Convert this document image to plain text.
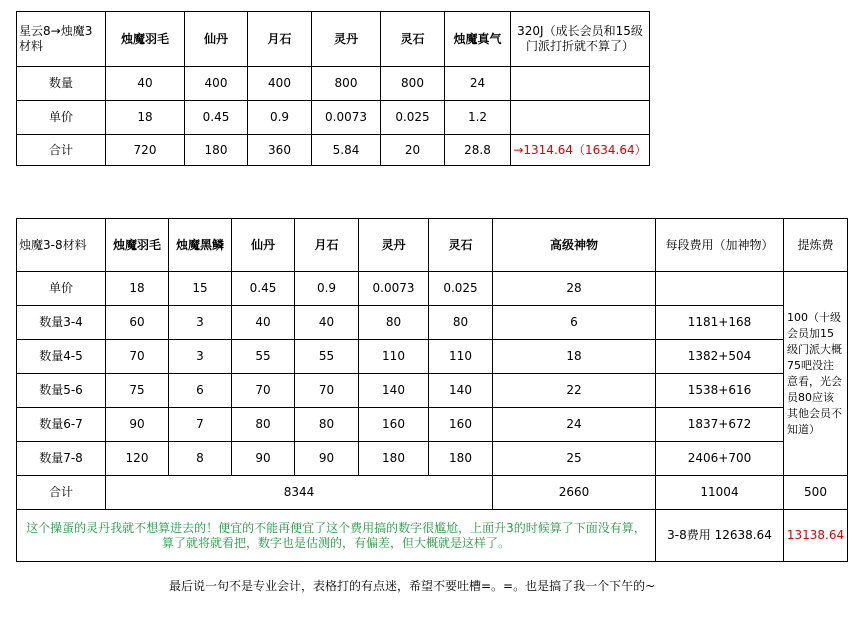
星云8→烛魔3材料	烛魔羽毛	仙丹	月石	灵丹	灵石	烛魔真气	320J（成长会员和15级门派打折就不算了）
数量	40	400	400	800	800	24	
单价	18	0.45	0.9	0.0073	0.025	1.2	
合计	720	180	360	5.84	20	28.8	→1314.64（1634.64）
烛魔3-8材料	烛魔羽毛	烛魔黑鳞	仙丹	月石	灵丹	灵石	高级神物	每段费用（加神物）	提炼费
单价	18	15	0.45	0.9	0.0073	0.025	28		100（十级会员加15级门派大概75吧没注意看，光会员80应该其他会员不知道）
数量3-4	60	3	40	40	80	80	6	1181+168	
数量4-5	70	3	55	55	110	110	18	1382+504	
数量5-6	75	6	70	70	140	140	22	1538+616	
数量6-7	90	7	80	80	160	160	24	1837+672	
数量7-8	120	8	90	90	180	180	25	2406+700	
合计	8344						2660	11004	500
这个操蛋的灵丹我就不想算进去的！便宜的不能再便宜了这个费用搞的数字很尴尬，上面升3的时候算了下面没有算，算了就将就看把，数字也是估测的，有偏差，但大概就是这样了。								3-8费用 12638.64	13138.64
最后说一句不是专业会计，表格打的有点迷，希望不要吐槽=。=。也是搞了我一个下午的~
